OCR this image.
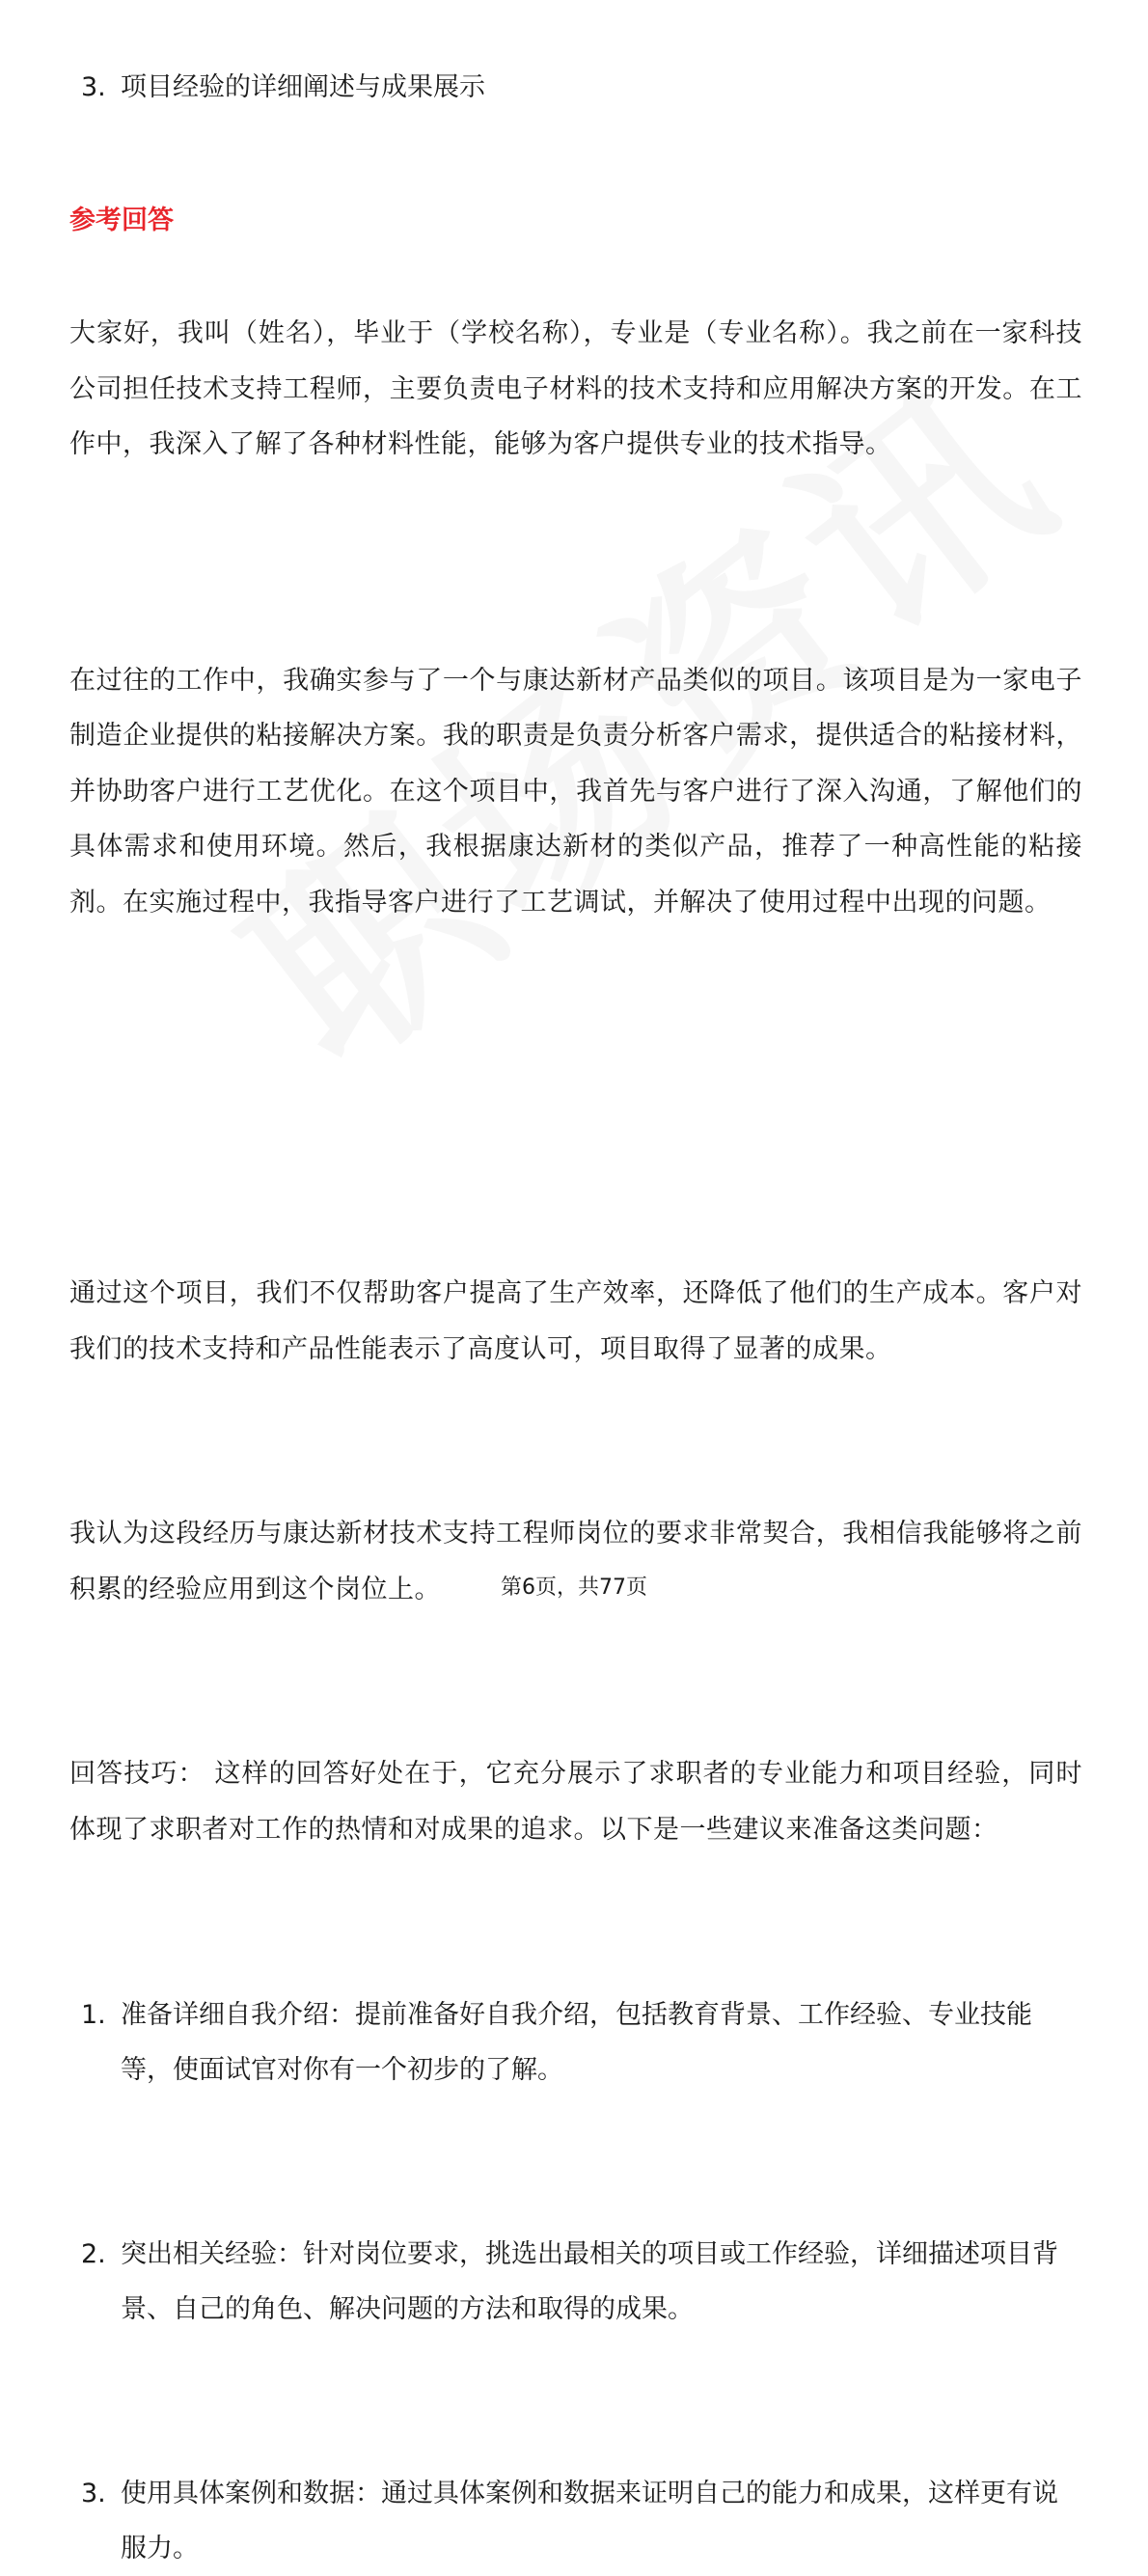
3. 项目经验的详细阐述与成果展示
参考回答
大家好，我叫（姓名），毕业于（学校名称），专业是（专业名称）。我之前在一家科技公司担任技术支持工程师，主要负责电子材料的技术支持和应用解决方案的开发。在工作中，我深入了解了各种材料性能，能够为客户提供专业的技术指导。
在过往的工作中，我确实参与了一个与康达新材产品类似的项目。该项目是为一家电子制造企业提供的粘接解决方案。我的职责是负责分析客户需求，提供适合的粘接材料，并协助客户进行工艺优化。在这个项目中，我首先与客户进行了深入沟通，了解他们的具体需求和使用环境。然后，我根据康达新材的类似产品，推荐了一种高性能的粘接剂。在实施过程中，我指导客户进行了工艺调试，并解决了使用过程中出现的问题。
通过这个项目，我们不仅帮助客户提高了生产效率，还降低了他们的生产成本。客户对我们的技术支持和产品性能表示了高度认可，项目取得了显著的成果。
我认为这段经历与康达新材技术支持工程师岗位的要求非常契合，我相信我能够将之前积累的经验应用到这个岗位上。
回答技巧： 这样的回答好处在于，它充分展示了求职者的专业能力和项目经验，同时体现了求职者对工作的热情和对成果的追求。以下是一些建议来准备这类问题：
1. 准备详细自我介绍：提前准备好自我介绍，包括教育背景、工作经验、专业技能等，使面试官对你有一个初步的了解。
2. 突出相关经验：针对岗位要求，挑选出最相关的项目或工作经验，详细描述项目背景、自己的角色、解决问题的方法和取得的成果。
3. 使用具体案例和数据：通过具体案例和数据来证明自己的能力和成果，这样更有说服力。
第6页，共77页
